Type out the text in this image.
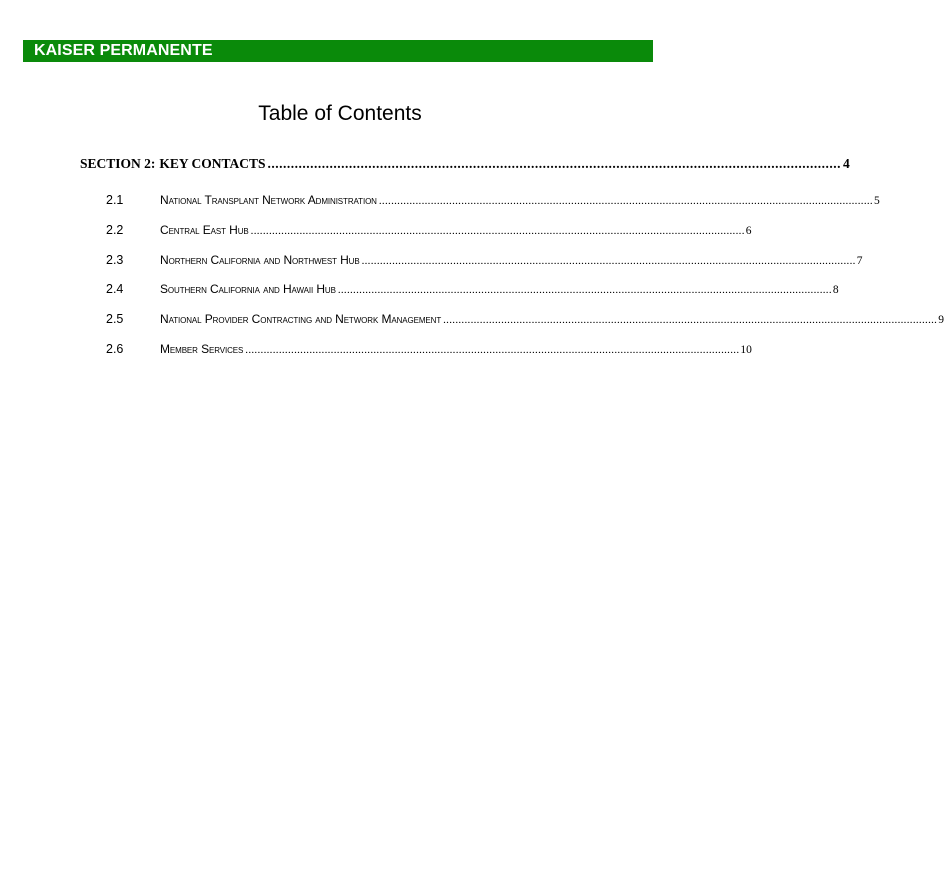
KAISER PERMANENTE
Table of Contents
SECTION 2: KEY CONTACTS .................................................................................................................................................... 4
2.1	National Transplant Network Administration .................................................................................................................................................................. 5
2.2	Central East Hub .................................................................................................................................................................. 6
2.3	Northern California and Northwest Hub .................................................................................................................................................................. 7
2.4	Southern California and Hawaii Hub .................................................................................................................................................................. 8
2.5	National Provider Contracting and Network Management .................................................................................................................................................................. 9
2.6	Member Services .................................................................................................................................................................. 10
